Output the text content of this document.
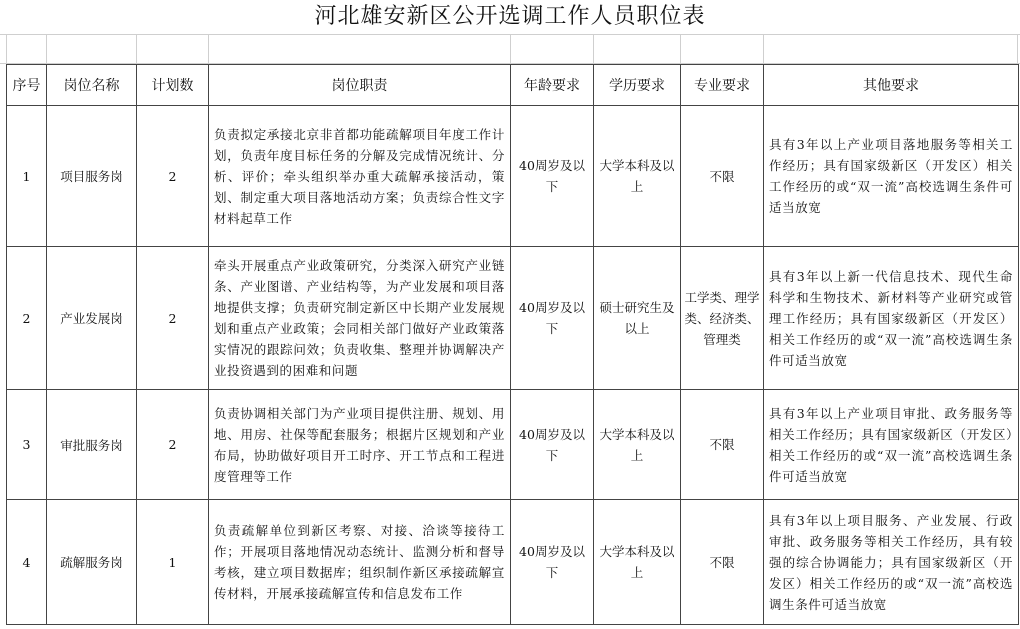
河北雄安新区公开选调工作人员职位表
序号	岗位名称	计划数	岗位职责	年龄要求	学历要求	专业要求	其他要求
1	项目服务岗	2	负责拟定承接北京非首都功能疏解项目年度工作计划，负责年度目标任务的分解及完成情况统计、分析、评价；牵头组织举办重大疏解承接活动，策划、制定重大项目落地活动方案；负责综合性文字材料起草工作	40周岁及以下	大学本科及以上	不限	具有3年以上产业项目落地服务等相关工作经历；具有国家级新区（开发区）相关工作经历的或“双一流”高校选调生条件可适当放宽
2	产业发展岗	2	牵头开展重点产业政策研究，分类深入研究产业链条、产业图谱、产业结构等，为产业发展和项目落地提供支撑；负责研究制定新区中长期产业发展规划和重点产业政策；会同相关部门做好产业政策落实情况的跟踪问效；负责收集、整理并协调解决产业投资遇到的困难和问题	40周岁及以下	硕士研究生及以上	工学类、理学类、经济类、管理类	具有3年以上新一代信息技术、现代生命科学和生物技术、新材料等产业研究或管理工作经历；具有国家级新区（开发区）相关工作经历的或“双一流”高校选调生条件可适当放宽
3	审批服务岗	2	负责协调相关部门为产业项目提供注册、规划、用地、用房、社保等配套服务；根据片区规划和产业布局，协助做好项目开工时序、开工节点和工程进度管理等工作	40周岁及以下	大学本科及以上	不限	具有3年以上产业项目审批、政务服务等相关工作经历；具有国家级新区（开发区）相关工作经历的或“双一流”高校选调生条件可适当放宽
4	疏解服务岗	1	负责疏解单位到新区考察、对接、洽谈等接待工作；开展项目落地情况动态统计、监测分析和督导考核，建立项目数据库；组织制作新区承接疏解宣传材料，开展承接疏解宣传和信息发布工作	40周岁及以下	大学本科及以上	不限	具有3年以上项目服务、产业发展、行政审批、政务服务等相关工作经历，具有较强的综合协调能力；具有国家级新区（开发区）相关工作经历的或“双一流”高校选调生条件可适当放宽
